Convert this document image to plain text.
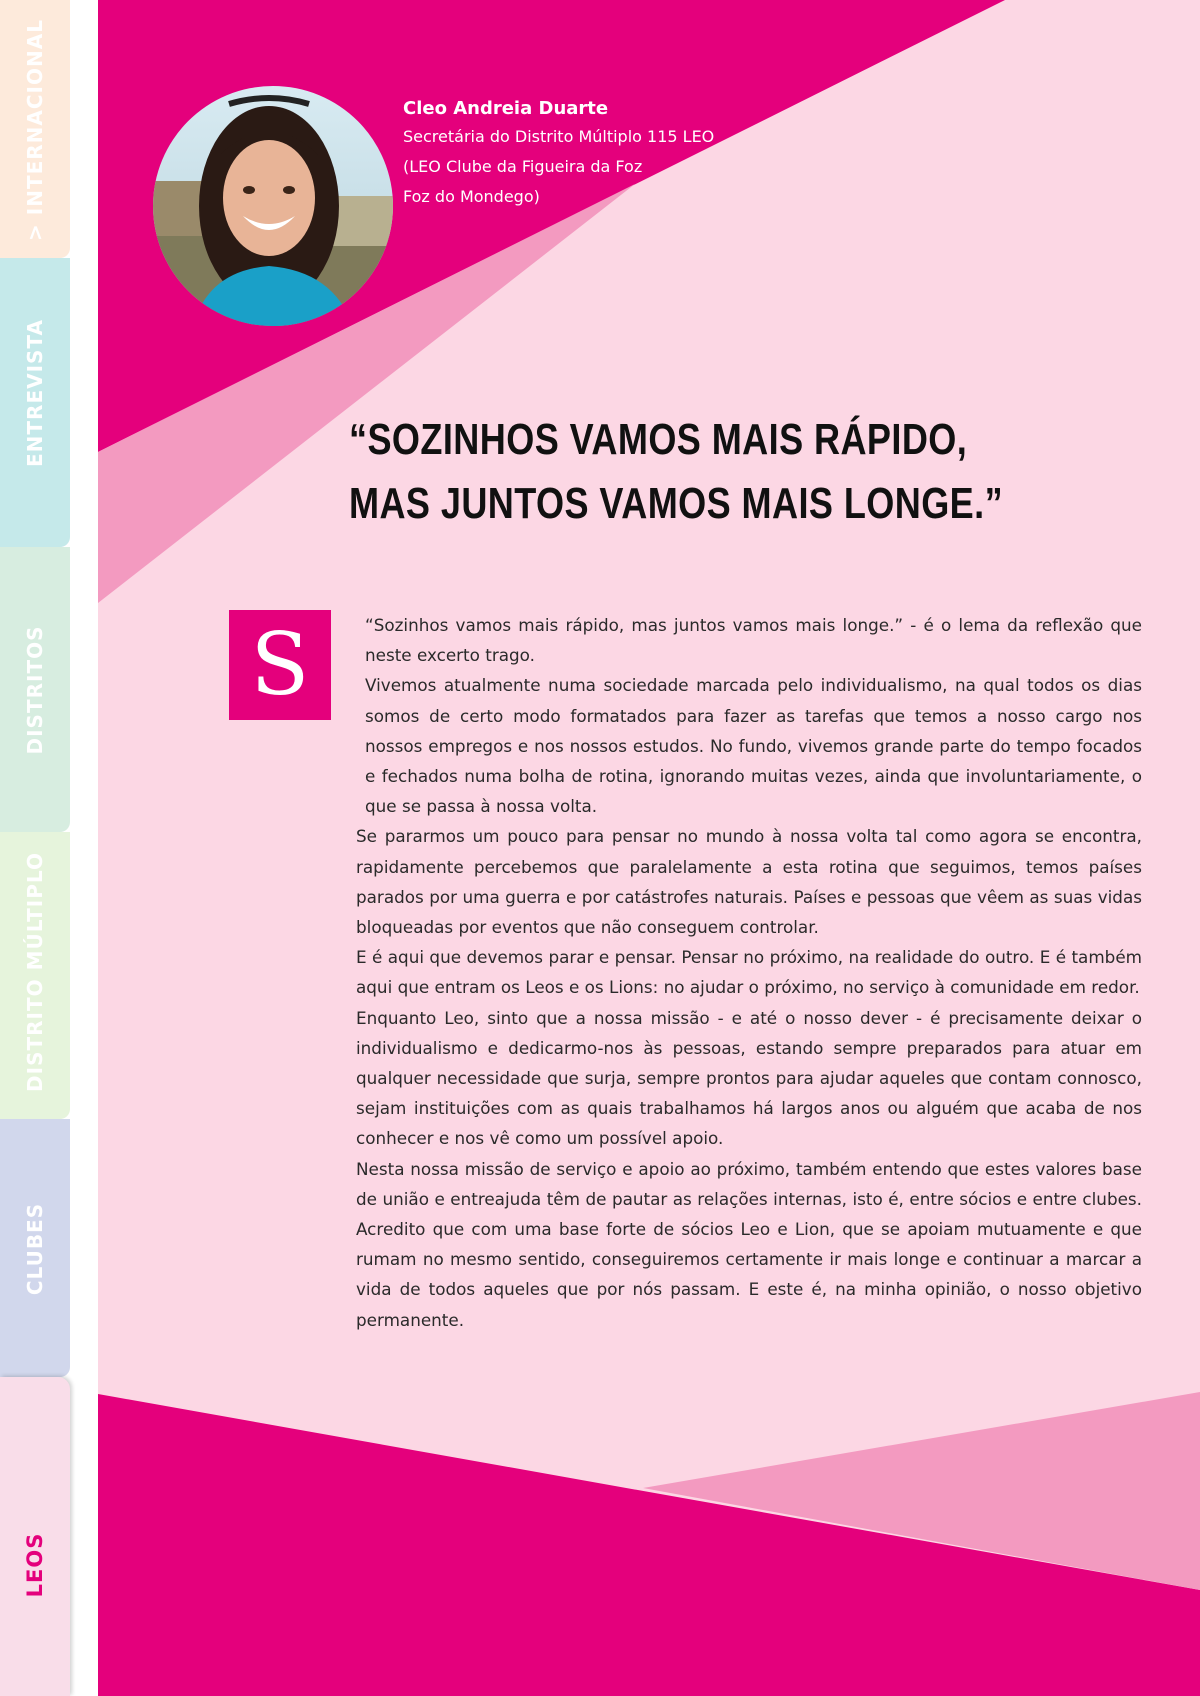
> INTERNACIONAL
ENTREVISTA
DISTRITOS
DISTRITO MÚLTIPLO
CLUBES
LEOS
Cleo Andreia Duarte
Secretária do Distrito Múltiplo 115 LEO
(LEO Clube da Figueira da Foz
Foz do Mondego)
“SOZINHOS VAMOS MAIS RÁPIDO,
MAS JUNTOS VAMOS MAIS LONGE.”
S	“Sozinhos vamos mais rápido, mas juntos vamos mais longe.” - é o lema da reflexão que neste excerto trago.

Vivemos atualmente numa sociedade marcada pelo individualismo, na qual todos os dias somos de certo modo formatados para fazer as tarefas que temos a nosso cargo nos nossos empregos e nos nossos estudos. No fundo, vivemos grande parte do tempo focados e fechados numa bolha de rotina, ignorando muitas vezes, ainda que involuntariamente, o que se passa à nossa volta.

Se pararmos um pouco para pensar no mundo à nossa volta tal como agora se encontra, rapidamente percebemos que paralelamente a esta rotina que seguimos, temos países parados por uma guerra e por catástrofes naturais. Países e pessoas que vêem as suas vidas bloqueadas por eventos que não conseguem controlar.

E é aqui que devemos parar e pensar. Pensar no próximo, na realidade do outro. E é também aqui que entram os Leos e os Lions: no ajudar o próximo, no serviço à comunidade em redor.

Enquanto Leo, sinto que a nossa missão - e até o nosso dever - é precisamente deixar o individualismo e dedicarmo-nos às pessoas, estando sempre preparados para atuar em qualquer necessidade que surja, sempre prontos para ajudar aqueles que contam connosco, sejam instituições com as quais trabalhamos há largos anos ou alguém que acaba de nos conhecer e nos vê como um possível apoio.

Nesta nossa missão de serviço e apoio ao próximo, também entendo que estes valores base de união e entreajuda têm de pautar as relações internas, isto é, entre sócios e entre clubes. Acredito que com uma base forte de sócios Leo e Lion, que se apoiam mutuamente e que rumam no mesmo sentido, conseguiremos certamente ir mais longe e continuar a marcar a vida de todos aqueles que por nós passam. E este é, na minha opinião, o nosso objetivo permanente.
